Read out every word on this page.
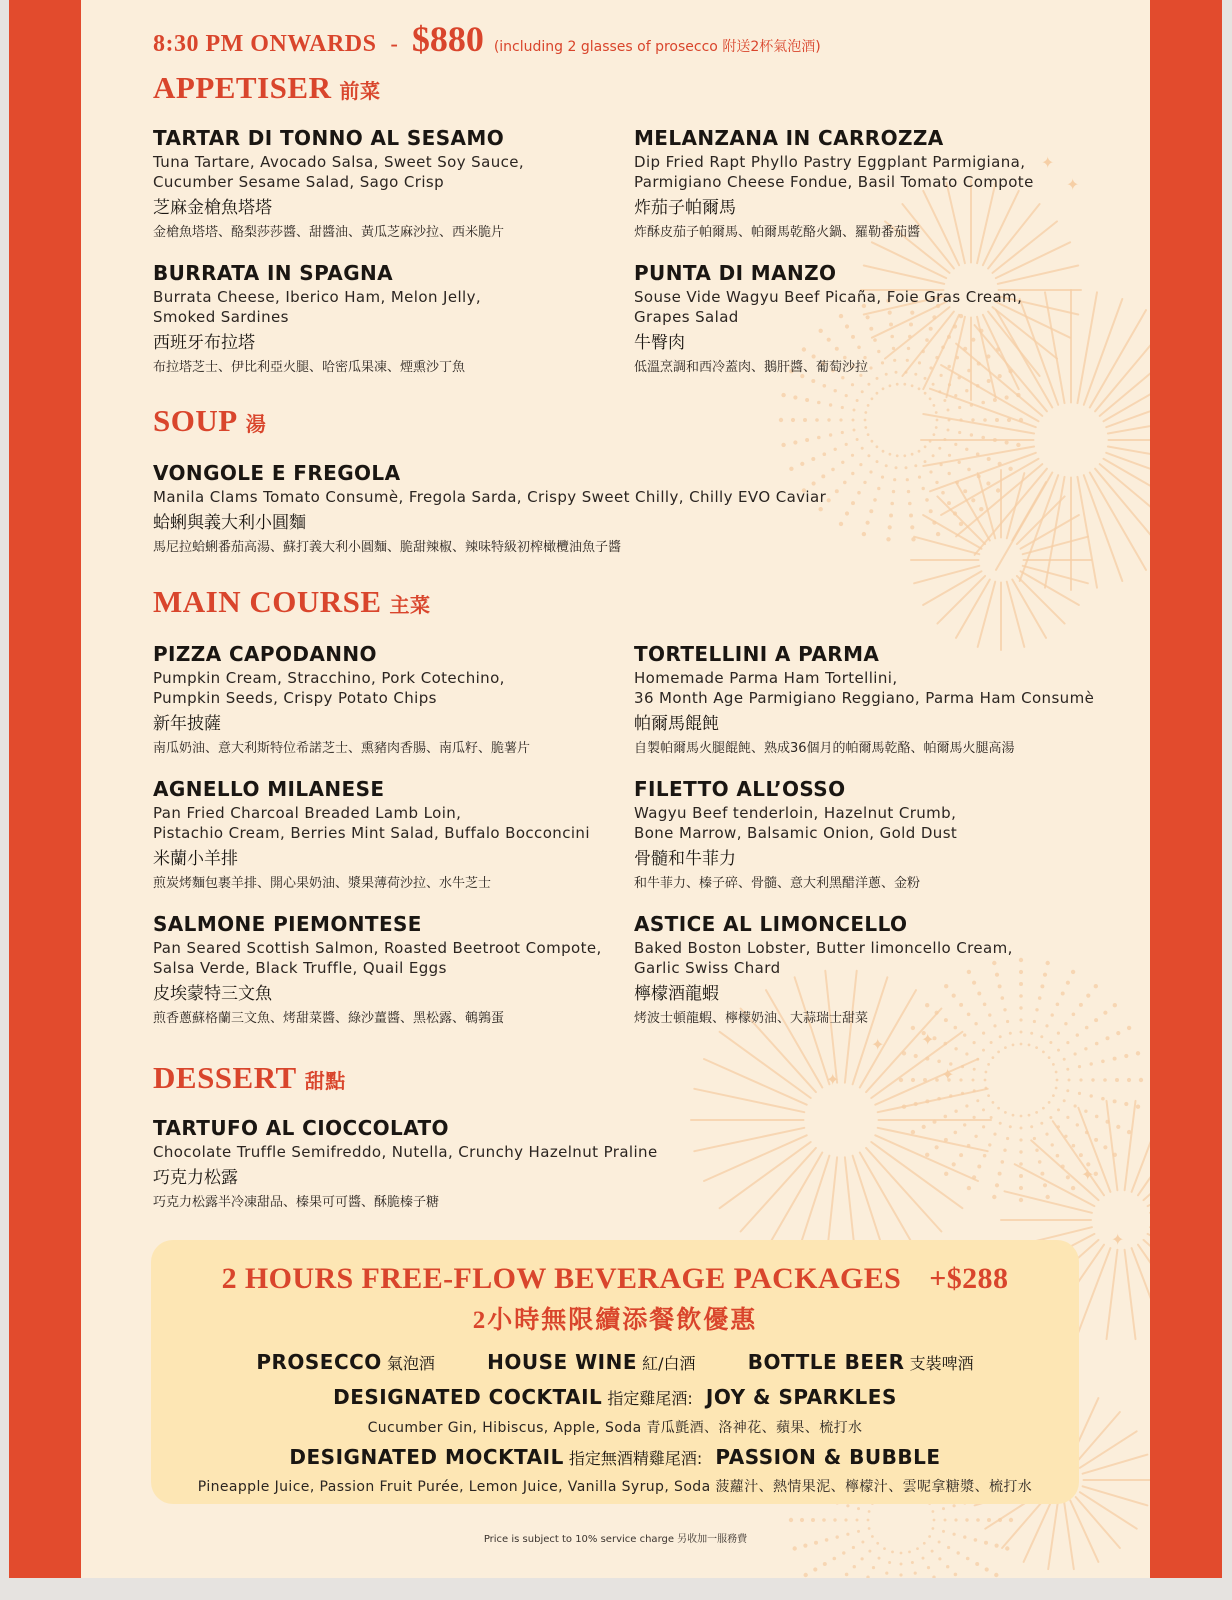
✦ ✦
✦
✦
✦
✦
✦
✦
8:30 PM ONWARDS - $880 (including 2 glasses of prosecco 附送2杯氣泡酒)
APPETISER 前菜
TARTAR DI TONNO AL SESAMO
Tuna Tartare, Avocado Salsa, Sweet Soy Sauce,
Cucumber Sesame Salad, Sago Crisp
芝麻金槍魚塔塔
金槍魚塔塔、酪梨莎莎醬、甜醬油、黃瓜芝麻沙拉、西米脆片
MELANZANA IN CARROZZA
Dip Fried Rapt Phyllo Pastry Eggplant Parmigiana,
Parmigiano Cheese Fondue, Basil Tomato Compote
炸茄子帕爾馬
炸酥皮茄子帕爾馬、帕爾馬乾酪火鍋、羅勒番茄醬
BURRATA IN SPAGNA
Burrata Cheese, Iberico Ham, Melon Jelly,
Smoked Sardines
西班牙布拉塔
布拉塔芝士、伊比利亞火腿、哈密瓜果凍、煙熏沙丁魚
PUNTA DI MANZO
Souse Vide Wagyu Beef Picaña, Foie Gras Cream,
Grapes Salad
牛臀肉
低溫烹調和西冷蓋肉、鵝肝醬、葡萄沙拉
SOUP 湯
VONGOLE E FREGOLA
Manila Clams Tomato Consumè, Fregola Sarda, Crispy Sweet Chilly, Chilly EVO Caviar
蛤蜊與義大利小圓麵
馬尼拉蛤蜊番茄高湯、蘇打義大利小圓麵、脆甜辣椒、辣味特級初榨橄欖油魚子醬
MAIN COURSE 主菜
PIZZA CAPODANNO
Pumpkin Cream, Stracchino, Pork Cotechino,
Pumpkin Seeds, Crispy Potato Chips
新年披薩
南瓜奶油、意大利斯特位希諾芝士、熏豬肉香腸、南瓜籽、脆薯片
TORTELLINI A PARMA
Homemade Parma Ham Tortellini,
36 Month Age Parmigiano Reggiano, Parma Ham Consumè
帕爾馬餛飩
自製帕爾馬火腿餛飩、熟成36個月的帕爾馬乾酪、帕爾馬火腿高湯
AGNELLO MILANESE
Pan Fried Charcoal Breaded Lamb Loin,
Pistachio Cream, Berries Mint Salad, Buffalo Bocconcini
米蘭小羊排
煎炭烤麵包裹羊排、開心果奶油、漿果薄荷沙拉、水牛芝士
FILETTO ALL’OSSO
Wagyu Beef tenderloin, Hazelnut Crumb,
Bone Marrow, Balsamic Onion, Gold Dust
骨髓和牛菲力
和牛菲力、榛子碎、骨髓、意大利黑醋洋蔥、金粉
SALMONE PIEMONTESE
Pan Seared Scottish Salmon, Roasted Beetroot Compote,
Salsa Verde, Black Truffle, Quail Eggs
皮埃蒙特三文魚
煎香蔥蘇格蘭三文魚、烤甜菜醬、綠沙薑醬、黑松露、鵪鶉蛋
ASTICE AL LIMONCELLO
Baked Boston Lobster, Butter limoncello Cream,
Garlic Swiss Chard
檸檬酒龍蝦
烤波士頓龍蝦、檸檬奶油、大蒜瑞士甜菜
DESSERT 甜點
TARTUFO AL CIOCCOLATO
Chocolate Truffle Semifreddo, Nutella, Crunchy Hazelnut Praline
巧克力松露
巧克力松露半冷凍甜品、榛果可可醬、酥脆榛子糖
2 HOURS FREE-FLOW BEVERAGE PACKAGES +$288
2小時無限續添餐飲優惠
PROSECCO 氣泡酒	HOUSE WINE 紅/白酒	BOTTLE BEER 支裝啤酒
DESIGNATED COCKTAIL 指定雞尾酒: JOY & SPARKLES
Cucumber Gin, Hibiscus, Apple, Soda 青瓜氈酒、洛神花、蘋果、梳打水
DESIGNATED MOCKTAIL 指定無酒精雞尾酒: PASSION & BUBBLE
Pineapple Juice, Passion Fruit Purée, Lemon Juice, Vanilla Syrup, Soda 菠蘿汁、熱情果泥、檸檬汁、雲呢拿糖漿、梳打水
Price is subject to 10% service charge 另收加一服務費
